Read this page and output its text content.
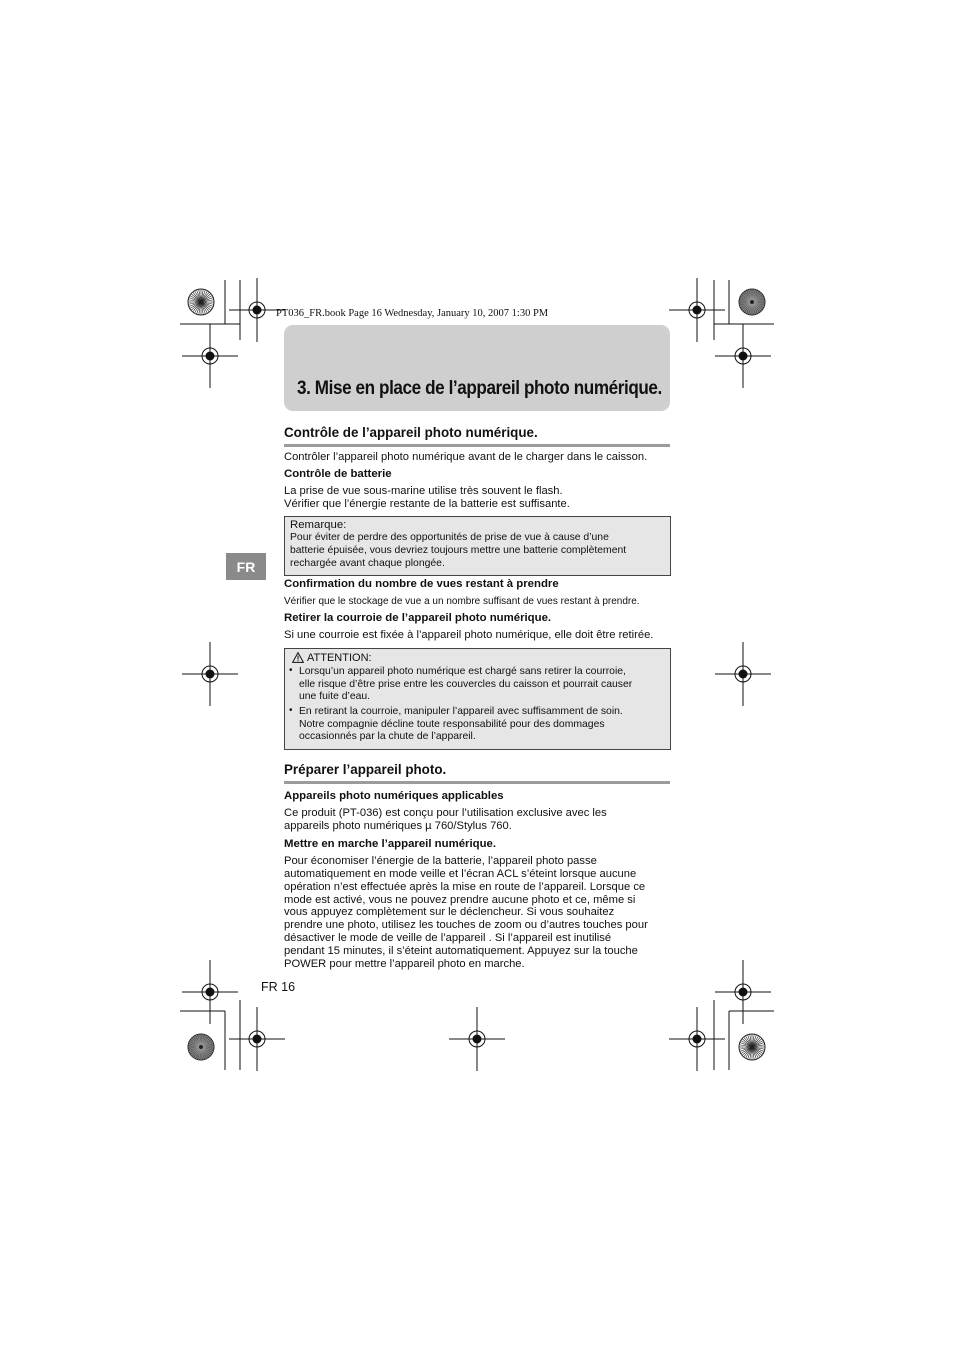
PT036_FR.book Page 16 Wednesday, January 10, 2007 1:30 PM
3. Mise en place de l’appareil photo numérique.
FR
Contrôle de l’appareil photo numérique.
Contrôler l’appareil photo numérique avant de le charger dans le caisson.
Contrôle de batterie
La prise de vue sous-marine utilise très souvent le flash.
Vérifier que l’énergie restante de la batterie est suffisante.
Remarque:
Pour éviter de perdre des opportunités de prise de vue à cause d’une
batterie épuisée, vous devriez toujours mettre une batterie complètement
rechargée avant chaque plongée.
Confirmation du nombre de vues restant à prendre
Vérifier que le stockage de vue a un nombre suffisant de vues restant à prendre.
Retirer la courroie de l’appareil photo numérique.
Si une courroie est fixée à l’appareil photo numérique, elle doit être retirée.
ATTENTION:
• Lorsqu’un appareil photo numérique est chargé sans retirer la courroie,
elle risque d’être prise entre les couvercles du caisson et pourrait causer
une fuite d’eau.
• En retirant la courroie, manipuler l’appareil avec suffisamment de soin.
Notre compagnie décline toute responsabilité pour des dommages
occasionnés par la chute de l’appareil.
Préparer l’appareil photo.
Appareils photo numériques applicables
Ce produit (PT-036) est conçu pour l’utilisation exclusive avec les
appareils photo numériques µ 760/Stylus 760.
Mettre en marche l’appareil numérique.
Pour économiser l’énergie de la batterie, l’appareil photo passe
automatiquement en mode veille et l’écran ACL s’éteint lorsque aucune
opération n’est effectuée après la mise en route de l’appareil. Lorsque ce
mode est activé, vous ne pouvez prendre aucune photo et ce, même si
vous appuyez complètement sur le déclencheur. Si vous souhaitez
prendre une photo, utilisez les touches de zoom ou d’autres touches pour
désactiver le mode de veille de l’appareil . Si l’appareil est inutilisé
pendant 15 minutes, il s’éteint automatiquement. Appuyez sur la touche
POWER pour mettre l’appareil photo en marche.
FR 16
